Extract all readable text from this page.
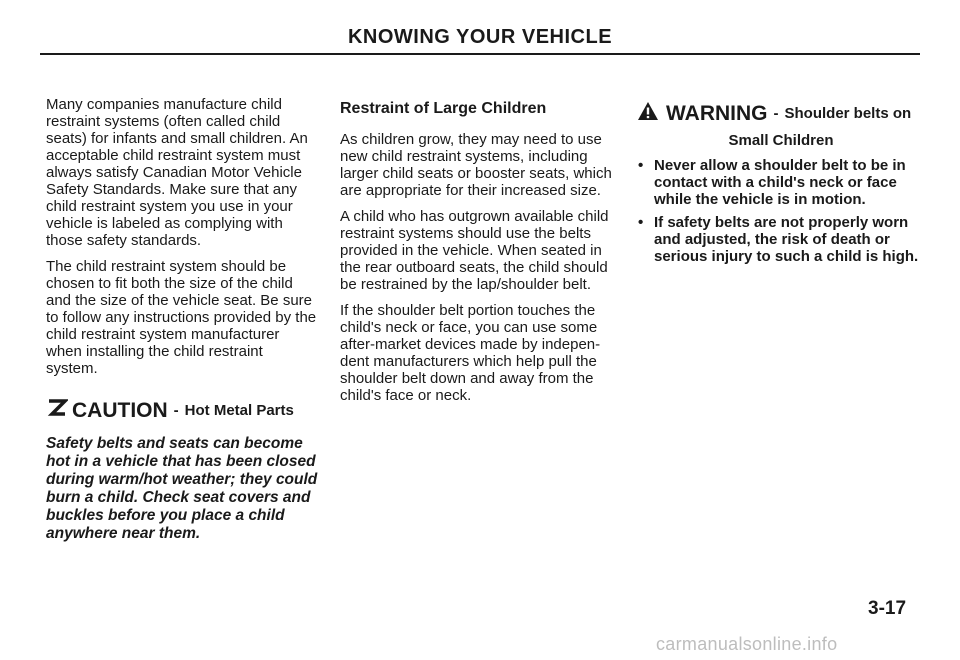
KNOWING YOUR VEHICLE

Many companies manufacture child restraint systems (often called child seats) for infants and small children. An acceptable child restraint system must always satisfy Canadian Motor Vehicle Safety Standards. Make sure that any child restraint system you use in your vehicle is labeled as complying with those safety standards.

The child restraint system should be chosen to fit both the size of the child and the size of the vehicle seat. Be sure to follow any instructions provided by the child restraint system manufacturer when installing the child restraint system.

CAUTION - Hot Metal Parts
Safety belts and seats can become hot in a vehicle that has been closed during warm/hot weather; they could burn a child. Check seat covers and buckles before you place a child anywhere near them.
Restraint of Large Children

As children grow, they may need to use new child restraint systems, including larger child seats or booster seats, which are appropriate for their increased size.

A child who has outgrown available child restraint systems should use the belts provided in the vehicle. When seated in the rear outboard seats, the child should be restrained by the lap/shoulder belt.

If the shoulder belt portion touches the child's neck or face, you can use some after-market devices made by indepen-dent manufacturers which help pull the shoulder belt down and away from the child's face or neck.

WARNING - Shoulder belts on
Small Children
• Never allow a shoulder belt to be in contact with a child's neck or face while the vehicle is in motion.
• If safety belts are not properly worn and adjusted, the risk of death or serious injury to such a child is high.
3-17
carmanualsonline.info
